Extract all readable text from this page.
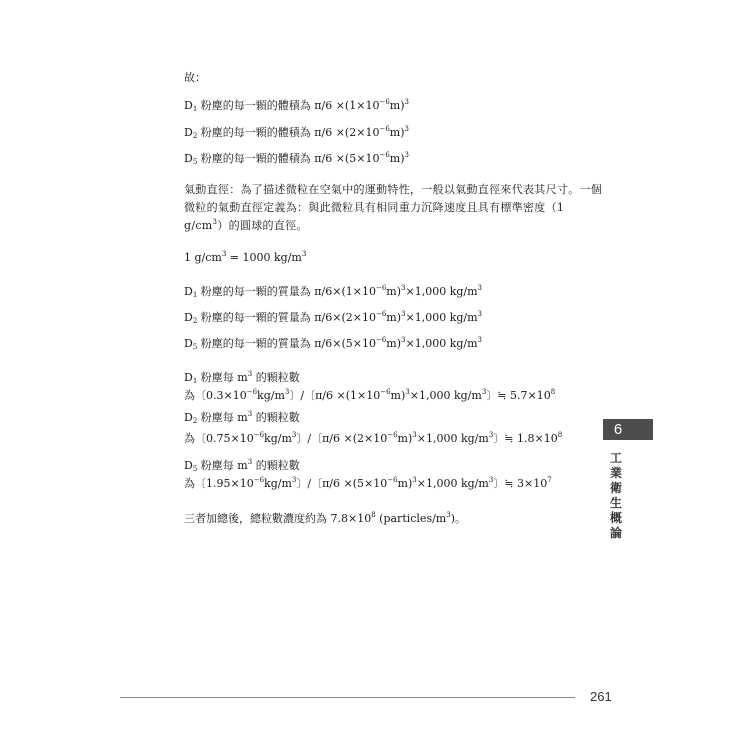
故：
$D_1$ 粉塵的每一顆的體積為 $\pi/6 \times(1\times 10^{-6}m)^3$
$D_2$ 粉塵的每一顆的體積為 $\pi/6 \times(2\times 10^{-6}m)^3$
$D_5$ 粉塵的每一顆的體積為 $\pi/6 \times(5\times 10^{-6}m)^3$
氣動直徑：為了描述微粒在空氣中的運動特性，一般以氣動直徑來代表其尺寸。一個微粒的氣動直徑定義為：與此微粒具有相同重力沉降速度且具有標準密度（1 $g/cm^3$）的圓球的直徑。
1 $g/cm^3 = 1000$ $kg/m^3$
$D_1$ 粉塵的每一顆的質量為 $\pi/6\times(1\times 10^{-6}m)^3\times 1,000$ $kg/m^3$
$D_2$ 粉塵的每一顆的質量為 $\pi/6\times(2\times 10^{-6}m)^3\times 1,000$ $kg/m^3$
$D_5$ 粉塵的每一顆的質量為 $\pi/6\times(5\times 10^{-6}m)^3\times 1,000$ $kg/m^3$
$D_1$ 粉塵每 $m^3$ 的顆粒數
為〔$0.3\times 10^{-6}kg/m^3$〕/〔$\pi/6 \times(1\times 10^{-6}m)^3\times 1,000$ $kg/m^3$〕≒ $5.7\times 10^8$
$D_2$ 粉塵每 $m^3$ 的顆粒數
為〔$0.75\times 10^{-6}kg/m^3$〕/〔$\pi/6 \times(2\times 10^{-6}m)^3\times 1,000$ $kg/m^3$〕≒ $1.8\times 10^8$
$D_5$ 粉塵每 $m^3$ 的顆粒數
為〔$1.95\times 10^{-6}kg/m^3$〕/〔$\pi/6 \times(5\times 10^{-6}m)^3\times 1,000$ $kg/m^3$〕≒ $3\times 10^7$
三者加總後，總粒數濃度約為 $7.8\times 10^8$ $(particles/m^3)$。
6
工業衛生概論
261
